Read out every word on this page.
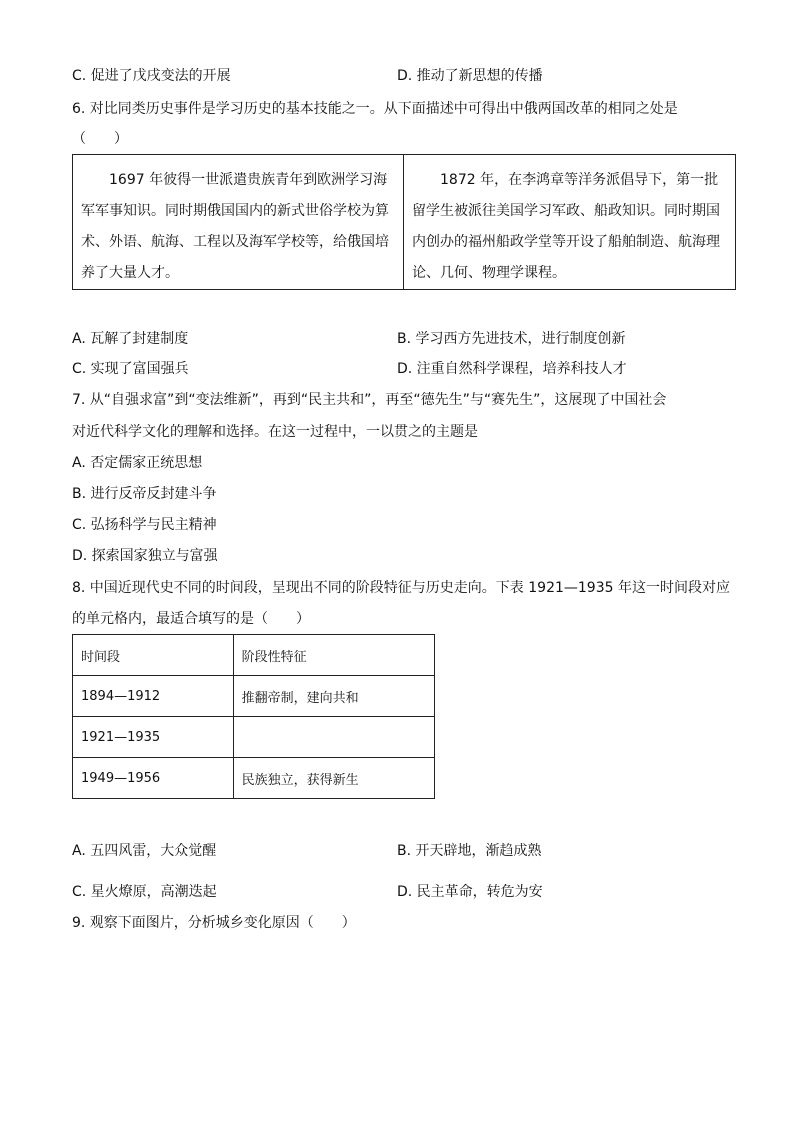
C. 促进了戊戌变法的开展	D. 推动了新思想的传播
6. 对比同类历史事件是学习历史的基本技能之一。从下面描述中可得出中俄两国改革的相同之处是
（　　）
1697 年彼得一世派遣贵族青年到欧洲学习海军军事知识。同时期俄国国内的新式世俗学校为算术、外语、航海、工程以及海军学校等，给俄国培养了大量人才。
1872 年，在李鸿章等洋务派倡导下，第一批留学生被派往美国学习军政、船政知识。同时期国内创办的福州船政学堂等开设了船舶制造、航海理论、几何、物理学课程。
A. 瓦解了封建制度	B. 学习西方先进技术，进行制度创新
C. 实现了富国强兵	D. 注重自然科学课程，培养科技人才
7. 从“自强求富”到“变法维新”，再到“民主共和”，再至“德先生”与“赛先生”，这展现了中国社会
对近代科学文化的理解和选择。在这一过程中，一以贯之的主题是
A. 否定儒家正统思想
B. 进行反帝反封建斗争
C. 弘扬科学与民主精神
D. 探索国家独立与富强
8. 中国近现代史不同的时间段，呈现出不同的阶段特征与历史走向。下表 1921—1935 年这一时间段对应
的单元格内，最适合填写的是（　　）
时间段	阶段性特征
1894—1912	推翻帝制，建向共和
1921—1935	
1949—1956	民族独立，获得新生
A. 五四风雷，大众觉醒	B. 开天辟地，渐趋成熟
C. 星火燎原，高潮迭起	D. 民主革命，转危为安
9. 观察下面图片，分析城乡变化原因（　　）
